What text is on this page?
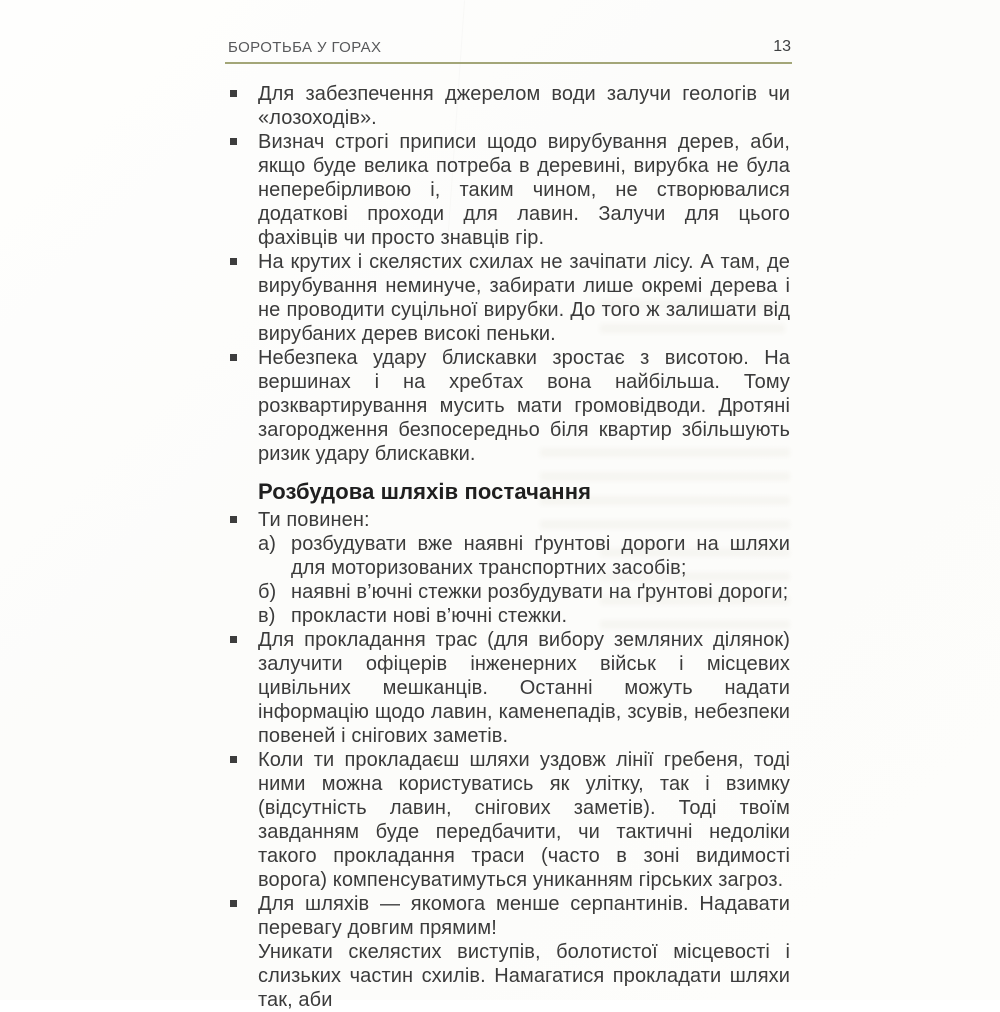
БОРОТЬБА У ГОРАХ	13

Для забезпечення джерелом води залучи геологів чи «лозоходів».

Визнач строгі приписи щодо вирубування дерев, аби, якщо буде велика потреба в деревині, вирубка не була неперебірливою і, таким чином, не створювалися додаткові проходи для лавин. Залучи для цього фахівців чи просто знавців гір.

На крутих і скелястих схилах не зачіпати лісу. А там, де вирубування неминуче, забирати лише окремі дерева і не проводити суцільної вирубки. До того ж залишати від вирубаних дерев високі пеньки.

Небезпека удару блискавки зростає з висотою. На вершинах і на хребтах вона найбільша. Тому розквартирування мусить мати громовідводи. Дротяні загородження безпосередньо біля квартир збільшують ризик удару блискавки.

Розбудова шляхів постачання

Ти повинен:

а) розбудувати вже наявні ґрунтові дороги на шляхи для моторизованих транспортних засобів;
б) наявні в’ючні стежки розбудувати на ґрунтові дороги;
в) прокласти нові в’ючні стежки.

Для прокладання трас (для вибору земляних ділянок) залучити офіцерів інженерних військ і місцевих цивільних мешканців. Останні можуть надати інформацію щодо лавин, каменепадів, зсувів, небезпеки повеней і снігових заметів.

Коли ти прокладаєш шляхи уздовж лінії гребеня, тоді ними можна користуватись як улітку, так і взимку (відсутність лавин, снігових заметів). Тоді твоїм завданням буде передбачити, чи тактичні недоліки такого прокладання траси (часто в зоні видимості ворога) компенсуватимуться униканням гірських загроз.

Для шляхів — якомога менше серпантинів. Надавати перевагу довгим прямим!

Уникати скелястих виступів, болотистої місцевості і слизьких частин схилів. Намагатися прокладати шляхи так, аби
